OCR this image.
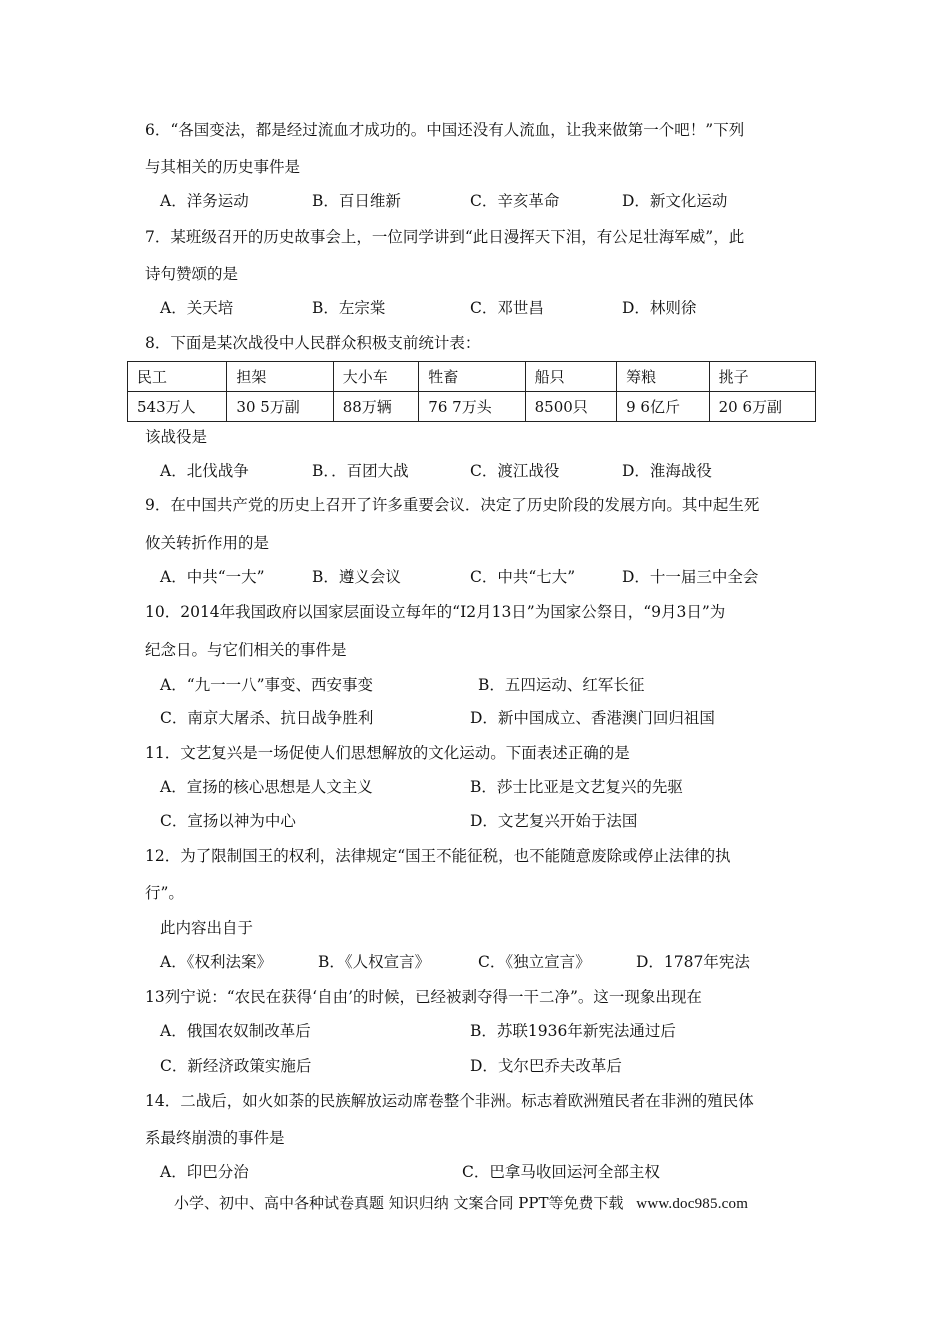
6．“各国变法，都是经过流血才成功的。中国还没有人流血，让我来做第一个吧！”下列
与其相关的历史事件是
A．洋务运动	B．百日维新	C．辛亥革命	D．新文化运动
7．某班级召开的历史故事会上，一位同学讲到“此日漫挥天下泪，有公足壮海军威”，此
诗句赞颂的是
A．关天培	B．左宗棠	C．邓世昌	D．林则徐
8．下面是某次战役中人民群众积极支前统计表：
民工	担架	大小车	牲畜	船只	筹粮	挑子
543万人	30 5万副	88万辆	76 7万头	8500只	9 6亿斤	20 6万副
该战役是
A．北伐战争	B．．百团大战	C．渡江战役	D．淮海战役
9．在中国共产党的历史上召开了许多重要会议．决定了历史阶段的发展方向。其中起生死
攸关转折作用的是
A．中共“一大”	B．遵义会议	C．中共“七大”	D．十一届三中全会
10．2014年我国政府以国家层面设立每年的“I2月13日”为国家公祭日，“9月3日”为
纪念日。与它们相关的事件是
A．“九一一八”事变、西安事变	B．五四运动、红军长征
C．南京大屠杀、抗日战争胜利	D．新中国成立、香港澳门回归祖国
11．文艺复兴是一场促使人们思想解放的文化运动。下面表述正确的是
A．宣扬的核心思想是人文主义	B．莎士比亚是文艺复兴的先驱
C．宣扬以神为中心	D．文艺复兴开始于法国
12．为了限制国王的权利，法律规定“国王不能征税，也不能随意废除或停止法律的执
行”。
此内容出自于
A．《权利法案》	B．《人权宣言》	C．《独立宣言》	D．1787年宪法
13列宁说：“农民在获得‘自由’的时候，已经被剥夺得一干二净”。这一现象出现在
A．俄国农奴制改革后	B．苏联1936年新宪法通过后
C．新经济政策实施后	D．戈尔巴乔夫改革后
14．二战后，如火如荼的民族解放运动席卷整个非洲。标志着欧洲殖民者在非洲的殖民体
系最终崩溃的事件是
A．印巴分治	C．巴拿马收回运河全部主权
小学、初中、高中各种试卷真题 知识归纳 文案合同 PPT等免费下载 www.doc985.com
